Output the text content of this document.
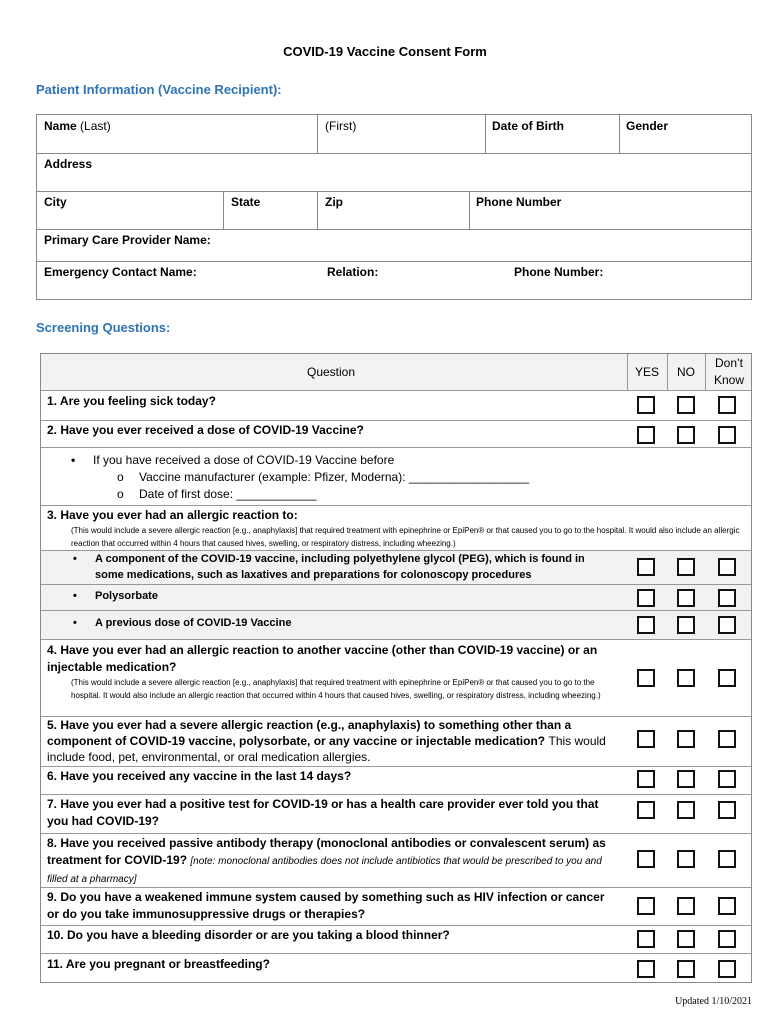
COVID-19 Vaccine Consent Form
Patient Information (Vaccine Recipient):
Name (Last)	(First)	Date of Birth	Gender
Address
City	State	Zip	Phone Number
Primary Care Provider Name:
Emergency Contact Name:	Relation:	Phone Number:
Screening Questions:
Question	YES NO
Don’t
Know
1. Are you feeling sick today?
2. Have you ever received a dose of COVID-19 Vaccine?
• If you have received a dose of COVID-19 Vaccine before
o Vaccine manufacturer (example: Pfizer, Moderna): __________________
o Date of first dose: ____________
3. Have you ever had an allergic reaction to:
(This would include a severe allergic reaction [e.g., anaphylaxis] that required treatment with epinephrine or EpiPen® or that caused you to go to the hospital. It would also include an allergic reaction that occurred within 4 hours that caused hives, swelling, or respiratory distress, including wheezing.)
• A component of the COVID-19 vaccine, including polyethylene glycol (PEG), which is found in some medications, such as laxatives and preparations for colonoscopy procedures
• Polysorbate
• A previous dose of COVID-19 Vaccine
4. Have you ever had an allergic reaction to another vaccine (other than COVID-19 vaccine) or an injectable medication?
(This would include a severe allergic reaction [e.g., anaphylaxis] that required treatment with epinephrine or EpiPen® or that caused you to go to the hospital. It would also include an allergic reaction that occurred within 4 hours that caused hives, swelling, or respiratory distress, including wheezing.)
5. Have you ever had a severe allergic reaction (e.g., anaphylaxis) to something other than a component of COVID-19 vaccine, polysorbate, or any vaccine or injectable medication? This would include food, pet, environmental, or oral medication allergies.
6. Have you received any vaccine in the last 14 days?
7. Have you ever had a positive test for COVID-19 or has a health care provider ever told you that you had COVID-19?
8. Have you received passive antibody therapy (monoclonal antibodies or convalescent serum) as treatment for COVID-19? [note: monoclonal antibodies does not include antibiotics that would be prescribed to you and filled at a pharmacy]
9. Do you have a weakened immune system caused by something such as HIV infection or cancer or do you take immunosuppressive drugs or therapies?
10. Do you have a bleeding disorder or are you taking a blood thinner?
11. Are you pregnant or breastfeeding?
Updated 1/10/2021
